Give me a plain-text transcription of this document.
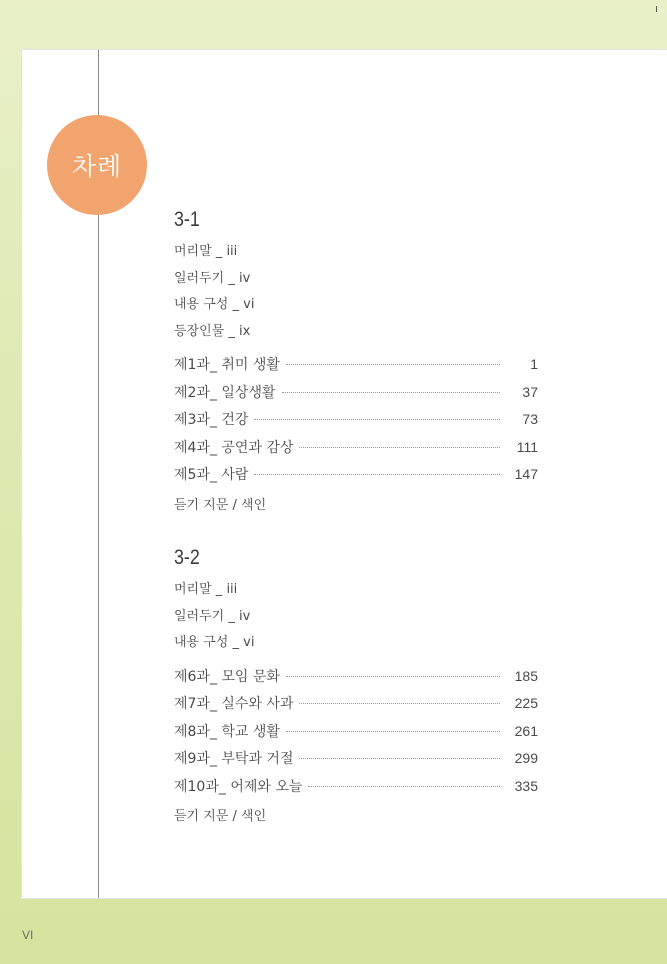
차례
3-1
머리말 _ iii
일러두기 _ iv
내용 구성 _ vi
등장인물 _ ix
제1과_ 취미 생활	1
제2과_ 일상생활	37
제3과_ 건강	73
제4과_ 공연과 감상	111
제5과_ 사람	147
듣기 지문 / 색인
3-2
머리말 _ iii
일러두기 _ iv
내용 구성 _ vi
제6과_ 모임 문화	185
제7과_ 실수와 사과	225
제8과_ 학교 생활	261
제9과_ 부탁과 거절	299
제10과_ 어제와 오늘	335
듣기 지문 / 색인
VI
